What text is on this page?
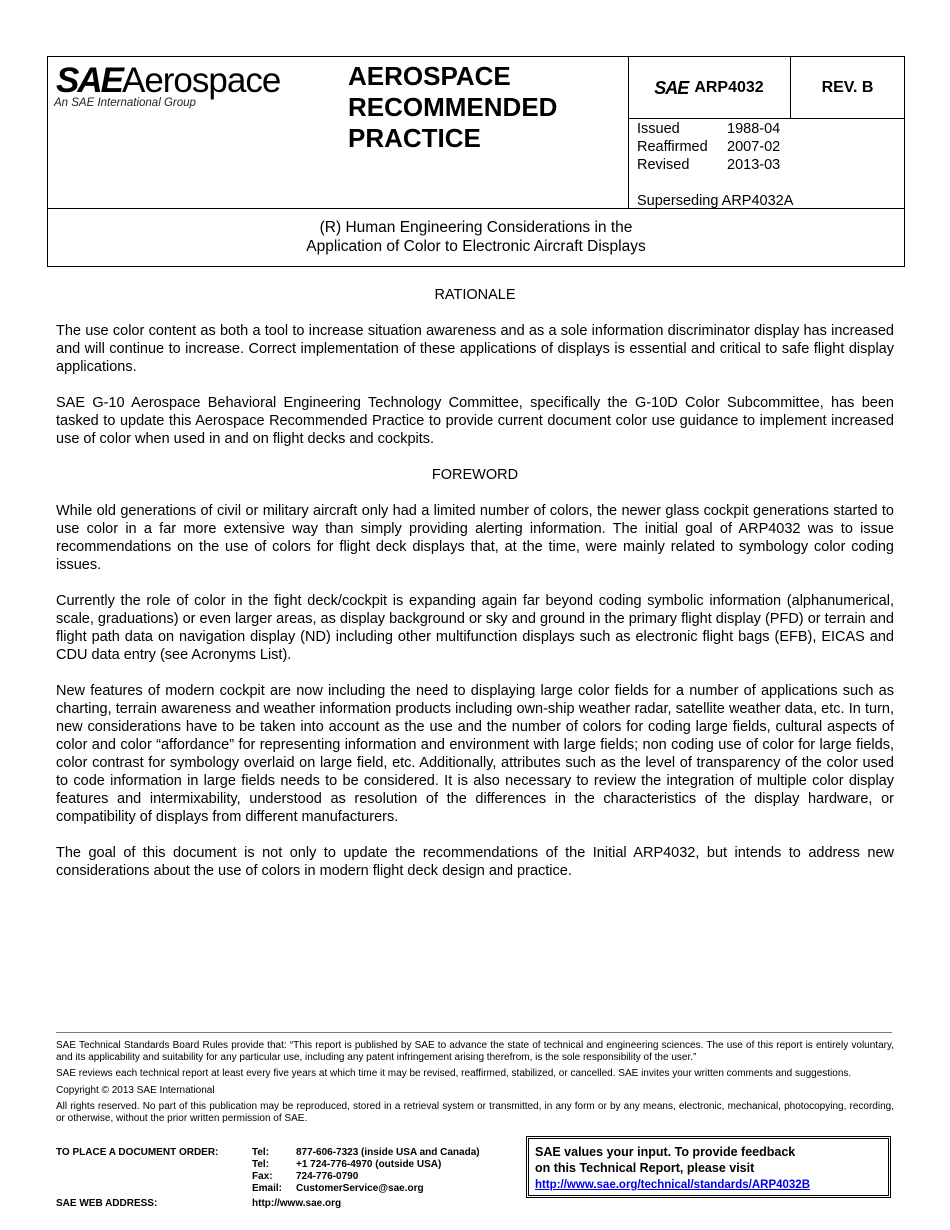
SAEAerospace
An SAE International Group
AEROSPACE
RECOMMENDED
PRACTICE
SAE ARP4032	REV. B
Issued	1988-04
Reaffirmed	2007-02
Revised	2013-03
Superseding ARP4032A
(R) Human Engineering Considerations in the
Application of Color to Electronic Aircraft Displays
RATIONALE

The use color content as both a tool to increase situation awareness and as a sole information discriminator display has increased and will continue to increase. Correct implementation of these applications of displays is essential and critical to safe flight display applications.

SAE G-10 Aerospace Behavioral Engineering Technology Committee, specifically the G-10D Color Subcommittee, has been tasked to update this Aerospace Recommended Practice to provide current document color use guidance to implement increased use of color when used in and on flight decks and cockpits.

FOREWORD

While old generations of civil or military aircraft only had a limited number of colors, the newer glass cockpit generations started to use color in a far more extensive way than simply providing alerting information. The initial goal of ARP4032 was to issue recommendations on the use of colors for flight deck displays that, at the time, were mainly related to symbology color coding issues.

Currently the role of color in the fight deck/cockpit is expanding again far beyond coding symbolic information (alphanumerical, scale, graduations) or even larger areas, as display background or sky and ground in the primary flight display (PFD) or terrain and flight path data on navigation display (ND) including other multifunction displays such as electronic flight bags (EFB), EICAS and CDU data entry (see Acronyms List).

New features of modern cockpit are now including the need to displaying large color fields for a number of applications such as charting, terrain awareness and weather information products including own-ship weather radar, satellite weather data, etc. In turn, new considerations have to be taken into account as the use and the number of colors for coding large fields, cultural aspects of color and color “affordance” for representing information and environment with large fields; non coding use of color for large fields, color contrast for symbology overlaid on large field, etc. Additionally, attributes such as the level of transparency of the color used to code information in large fields needs to be considered. It is also necessary to review the integration of multiple color display features and intermixability, understood as resolution of the differences in the characteristics of the display hardware, or compatibility of displays from different manufacturers.

The goal of this document is not only to update the recommendations of the Initial ARP4032, but intends to address new considerations about the use of colors in modern flight deck design and practice.

SAE Technical Standards Board Rules provide that: “This report is published by SAE to advance the state of technical and engineering sciences. The use of this report is entirely voluntary, and its applicability and suitability for any particular use, including any patent infringement arising therefrom, is the sole responsibility of the user.”

SAE reviews each technical report at least every five years at which time it may be revised, reaffirmed, stabilized, or cancelled. SAE invites your written comments and suggestions.

Copyright © 2013 SAE International

All rights reserved. No part of this publication may be reproduced, stored in a retrieval system or transmitted, in any form or by any means, electronic, mechanical, photocopying, recording, or otherwise, without the prior written permission of SAE.

TO PLACE A DOCUMENT ORDER:	Tel:	877-606-7323 (inside USA and Canada)
Tel:	+1 724-776-4970 (outside USA)
Fax:	724-776-0790
Email:	CustomerService@sae.org
SAE WEB ADDRESS:	http://www.sae.org
SAE values your input. To provide feedback
on this Technical Report, please visit
http://www.sae.org/technical/standards/ARP4032B
